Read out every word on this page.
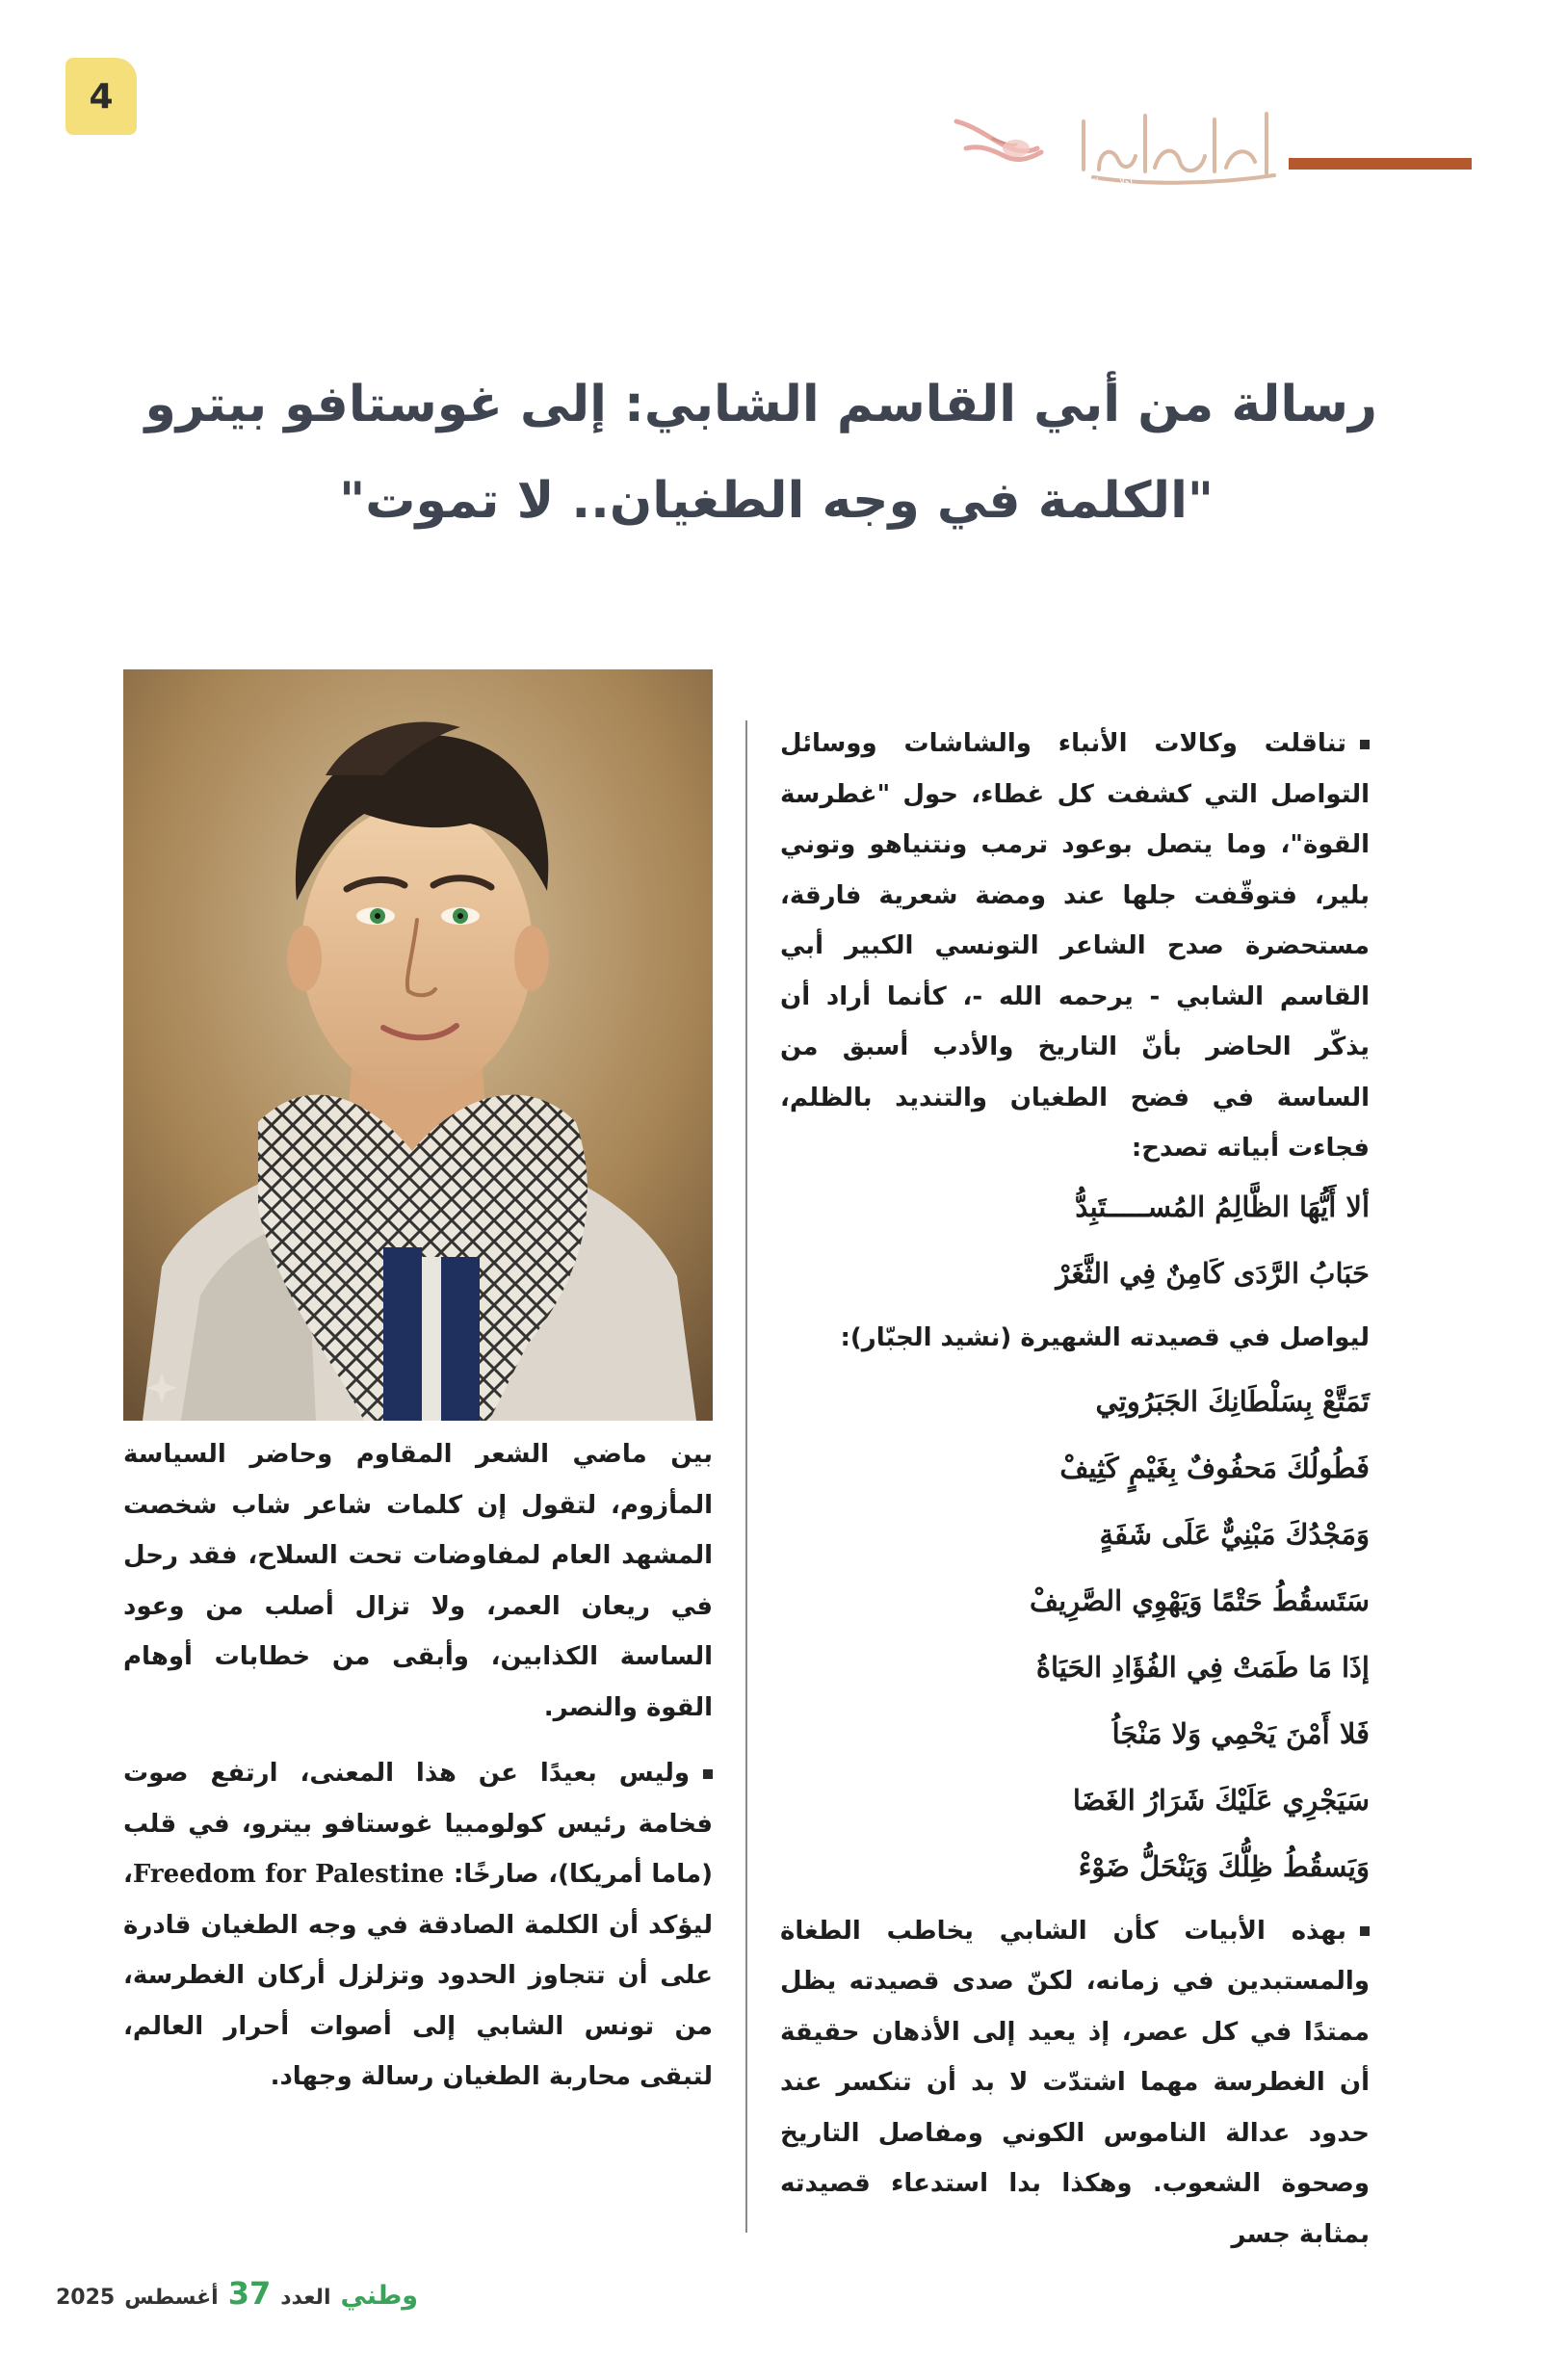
4
أهلا وسهلا
رسالة من أبي القاسم الشابي: إلى غوستافو بيترو
"الكلمة في وجه الطغيان.. لا تموت"

تناقلت وكالات الأنباء والشاشات ووسائل التواصل التي كشفت كل غطاء، حول "غطرسة القوة"، وما يتصل بوعود ترمب ونتنياهو وتوني بلير، فتوقّفت جلها عند ومضة شعرية فارقة، مستحضرة صدح الشاعر التونسي الكبير أبي القاسم الشابي - يرحمه الله -، كأنما أراد أن يذكّر الحاضر بأنّ التاريخ والأدب أسبق من الساسة في فضح الطغيان والتنديد بالظلم، فجاءت أبياته تصدح:

ألا أَيُّهَا الظَّالِمُ المُســـــتَبِدُّ

حَبَابُ الرَّدَى كَامِنٌ فِي الثَّغَرْ

ليواصل في قصيدته الشهيرة (نشيد الجبّار):

تَمَتَّعْ بِسَلْطَانِكَ الجَبَرُوتِي

فَطُولُكَ مَحفُوفٌ بِغَيْمٍ كَثِيفْ

وَمَجْدُكَ مَبْنِيٌّ عَلَى شَفَةٍ

سَتَسقُطُ حَتْمًا وَيَهْوِي الصَّرِيفْ

إذَا مَا طَمَتْ فِي الفُؤَادِ الحَيَاةُ

فَلا أَمْنَ يَحْمِي وَلا مَنْجَاُ

سَيَجْرِي عَلَيْكَ شَرَارُ الغَضَا

وَيَسقُطُ ظِلُّكَ وَيَنْحَلُّ ضَوْءْ

بهذه الأبيات كأن الشابي يخاطب الطغاة والمستبدين في زمانه، لكنّ صدى قصيدته يظل ممتدًا في كل عصر، إذ يعيد إلى الأذهان حقيقة أن الغطرسة مهما اشتدّت لا بد أن تنكسر عند حدود عدالة الناموس الكوني ومفاصل التاريخ وصحوة الشعوب. وهكذا بدا استدعاء قصيدته بمثابة جسر

بين ماضي الشعر المقاوم وحاضر السياسة المأزوم، لتقول إن كلمات شاعر شاب شخصت المشهد العام لمفاوضات تحت السلاح، فقد رحل في ريعان العمر، ولا تزال أصلب من وعود الساسة الكذابين، وأبقى من خطابات أوهام القوة والنصر.

وليس بعيدًا عن هذا المعنى، ارتفع صوت فخامة رئيس كولومبيا غوستافو بيترو، في قلب (ماما أمريكا)، صارخًا: Freedom for Palestine، ليؤكد أن الكلمة الصادقة في وجه الطغيان قادرة على أن تتجاوز الحدود وتزلزل أركان الغطرسة، من تونس الشابي إلى أصوات أحرار العالم، لتبقى محاربة الطغيان رسالة وجهاد.

وطني
العدد
37
أغسطس
2025
